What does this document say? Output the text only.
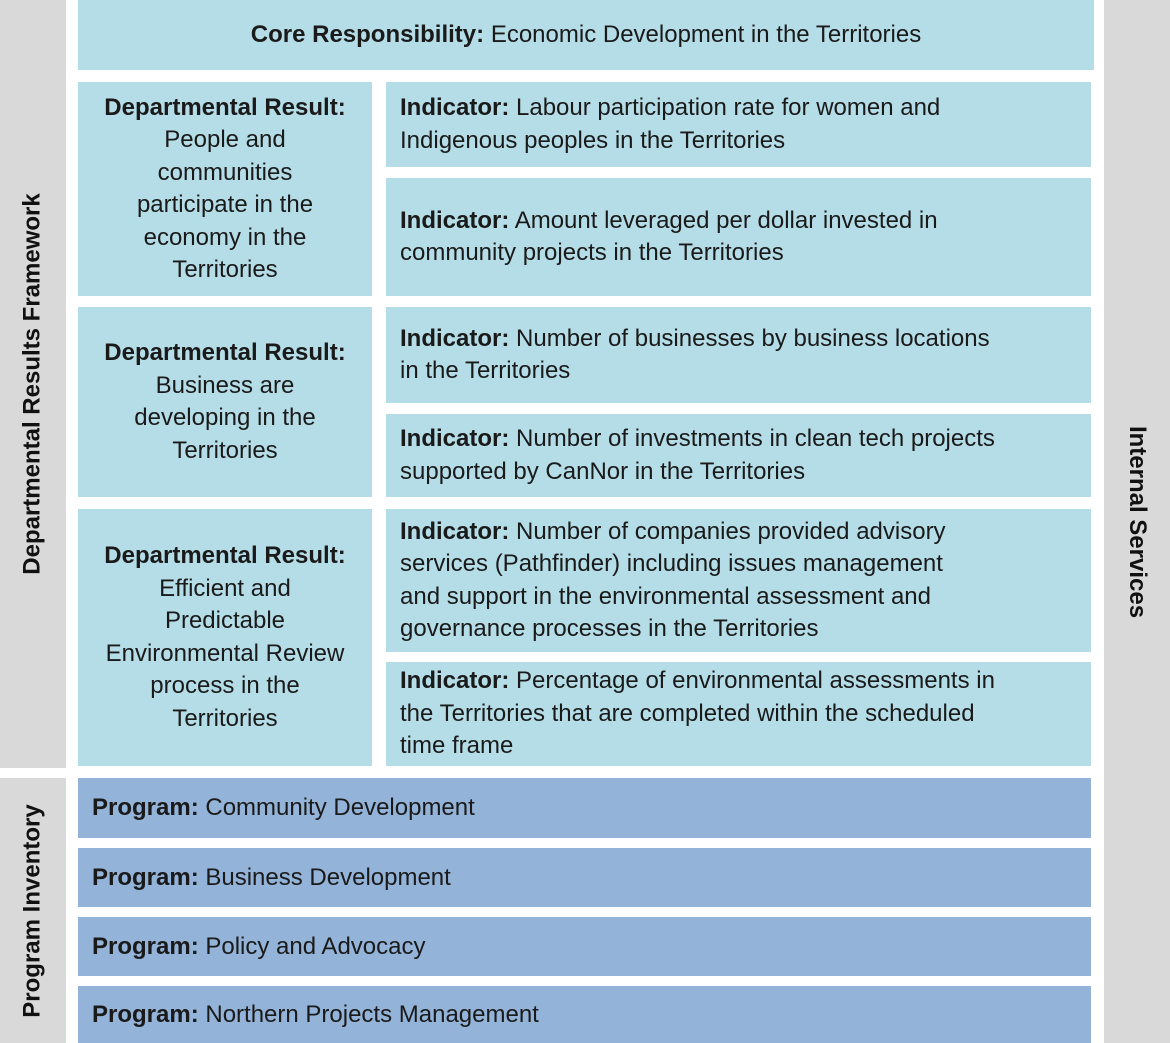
Departmental Results Framework
Program Inventory
Internal Services
Core Responsibility: Economic Development in the Territories
Departmental Result:
People and
communities
participate in the
economy in the
Territories
Indicator: Labour participation rate for women and
Indigenous peoples in the Territories
Indicator: Amount leveraged per dollar invested in
community projects in the Territories
Departmental Result:
Business are
developing in the
Territories
Indicator: Number of businesses by business locations
in the Territories
Indicator: Number of investments in clean tech projects
supported by CanNor in the Territories
Departmental Result:
Efficient and
Predictable
Environmental Review
process in the
Territories
Indicator: Number of companies provided advisory
services (Pathfinder) including issues management
and support in the environmental assessment and
governance processes in the Territories
Indicator: Percentage of environmental assessments in
the Territories that are completed within the scheduled
time frame
Program: Community Development
Program: Business Development
Program: Policy and Advocacy
Program: Northern Projects Management
